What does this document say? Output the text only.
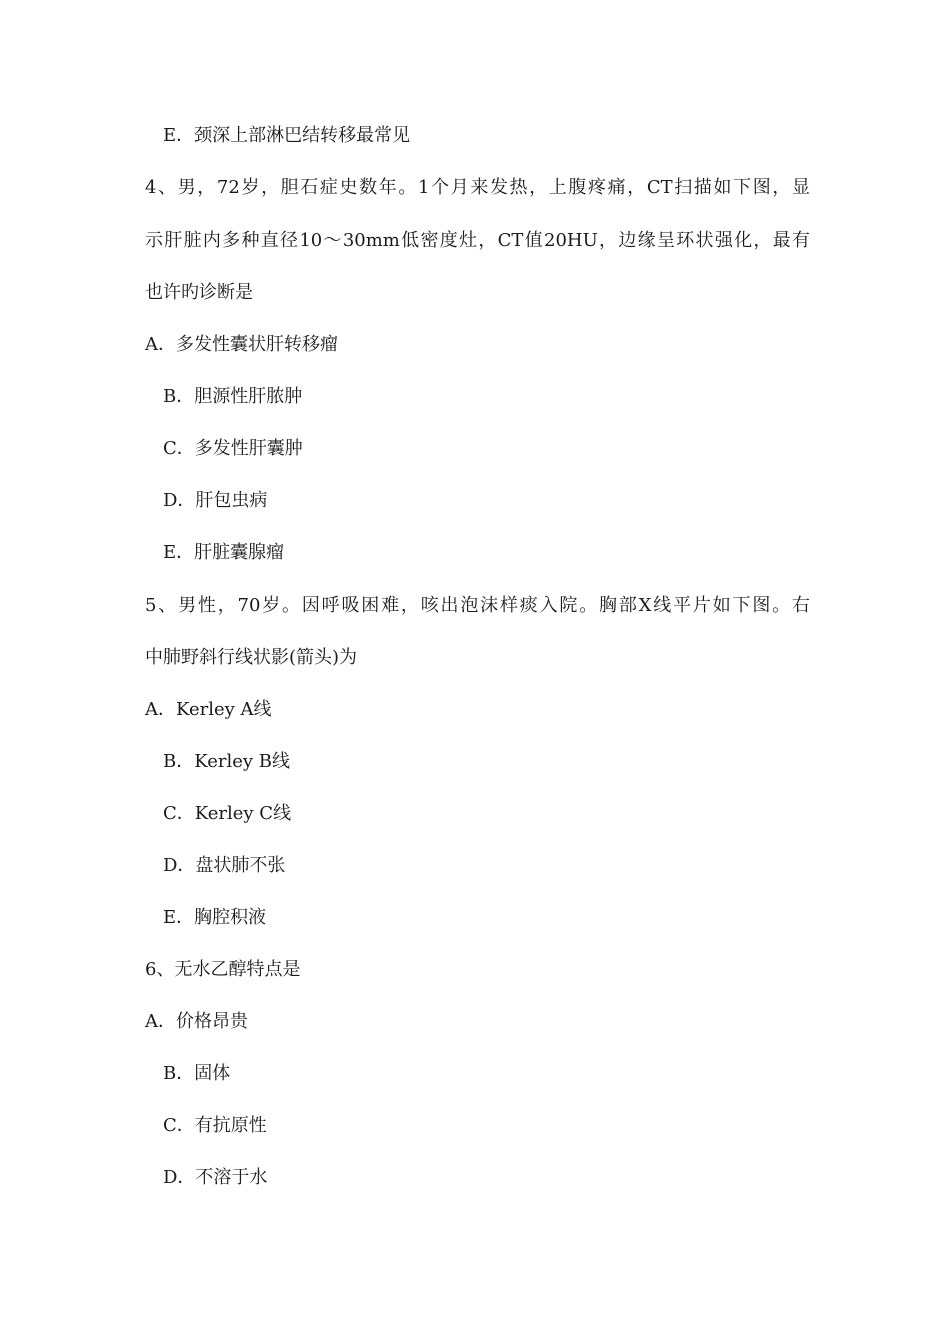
E．颈深上部淋巴结转移最常见
4、男，72岁，胆石症史数年。1个月来发热，上腹疼痛，CT扫描如下图，显
示肝脏内多种直径10～30mm低密度灶，CT值20HU，边缘呈环状强化，最有
也许旳诊断是
A．多发性囊状肝转移瘤
B．胆源性肝脓肿
C．多发性肝囊肿
D．肝包虫病
E．肝脏囊腺瘤
5、男性，70岁。因呼吸困难，咳出泡沫样痰入院。胸部X线平片如下图。右
中肺野斜行线状影(箭头)为
A．Kerley A线
B．Kerley B线
C．Kerley C线
D．盘状肺不张
E．胸腔积液
6、无水乙醇特点是
A．价格昂贵
B．固体
C．有抗原性
D．不溶于水
